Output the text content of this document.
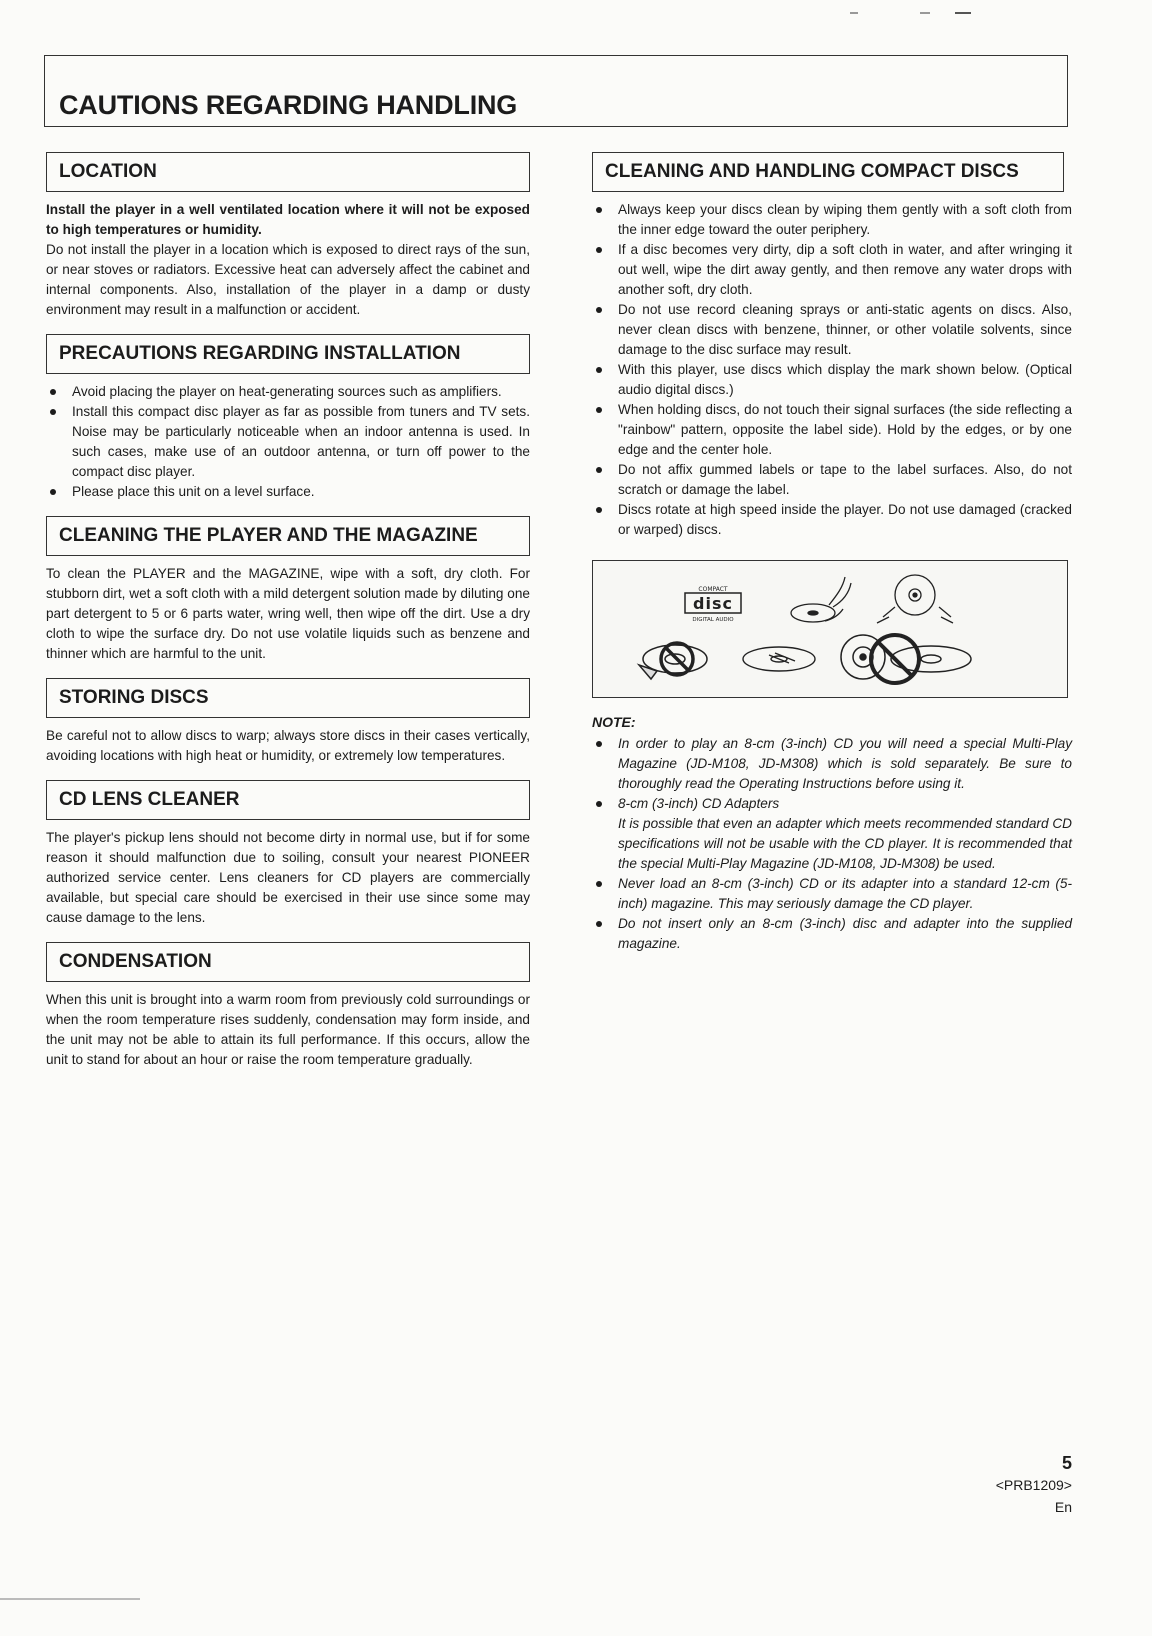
CAUTIONS REGARDING HANDLING
LOCATION

Install the player in a well ventilated location where it will not be exposed to high temperatures or humidity.

Do not install the player in a location which is exposed to direct rays of the sun, or near stoves or radiators. Excessive heat can adversely affect the cabinet and internal components. Also, installation of the player in a damp or dusty environment may result in a malfunction or accident.

PRECAUTIONS REGARDING INSTALLATION
Avoid placing the player on heat-generating sources such as amplifiers.
Install this compact disc player as far as possible from tuners and TV sets. Noise may be particularly noticeable when an indoor antenna is used. In such cases, make use of an outdoor antenna, or turn off power to the compact disc player.
Please place this unit on a level surface.
CLEANING THE PLAYER AND THE MAGAZINE

To clean the PLAYER and the MAGAZINE, wipe with a soft, dry cloth. For stubborn dirt, wet a soft cloth with a mild detergent solution made by diluting one part detergent to 5 or 6 parts water, wring well, then wipe off the dirt. Use a dry cloth to wipe the surface dry. Do not use volatile liquids such as benzene and thinner which are harmful to the unit.

STORING DISCS

Be careful not to allow discs to warp; always store discs in their cases vertically, avoiding locations with high heat or humidity, or extremely low temperatures.

CD LENS CLEANER

The player's pickup lens should not become dirty in normal use, but if for some reason it should malfunction due to soiling, consult your nearest PIONEER authorized service center. Lens cleaners for CD players are commercially available, but special care should be exercised in their use since some may cause damage to the lens.

CONDENSATION

When this unit is brought into a warm room from previously cold surroundings or when the room temperature rises suddenly, condensation may form inside, and the unit may not be able to attain its full performance. If this occurs, allow the unit to stand for about an hour or raise the room temperature gradually.

CLEANING AND HANDLING COMPACT DISCS
Always keep your discs clean by wiping them gently with a soft cloth from the inner edge toward the outer periphery.
If a disc becomes very dirty, dip a soft cloth in water, and after wringing it out well, wipe the dirt away gently, and then remove any water drops with another soft, dry cloth.
Do not use record cleaning sprays or anti-static agents on discs. Also, never clean discs with benzene, thinner, or other volatile solvents, since damage to the disc surface may result.
With this player, use discs which display the mark shown below. (Optical audio digital discs.)
When holding discs, do not touch their signal surfaces (the side reflecting a "rainbow" pattern, opposite the label side). Hold by the edges, or by one edge and the center hole.
Do not affix gummed labels or tape to the label surfaces. Also, do not scratch or damage the label.
Discs rotate at high speed inside the player. Do not use damaged (cracked or warped) discs.
COMPACT
disc
DIGITAL AUDIO
NOTE:
In order to play an 8-cm (3-inch) CD you will need a special Multi-Play Magazine (JD-M108, JD-M308) which is sold separately. Be sure to thoroughly read the Operating Instructions before using it.
8-cm (3-inch) CD Adapters
It is possible that even an adapter which meets recommended standard CD specifications will not be usable with the CD player. It is recommended that the special Multi-Play Magazine (JD-M108, JD-M308) be used.
Never load an 8-cm (3-inch) CD or its adapter into a standard 12-cm (5-inch) magazine. This may seriously damage the CD player.
Do not insert only an 8-cm (3-inch) disc and adapter into the supplied magazine.
5
<PRB1209>
En
